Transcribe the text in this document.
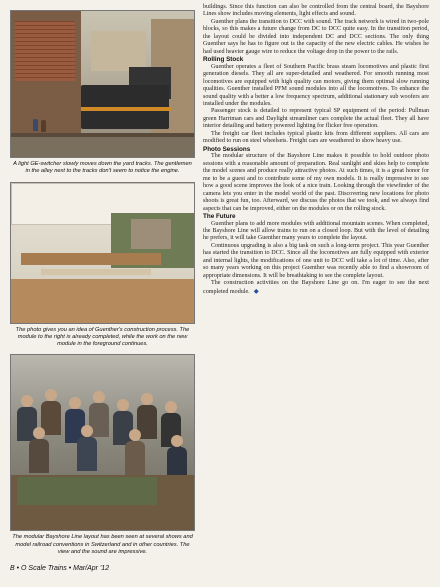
A light GE-switcher slowly moves down the yard tracks. The gentlemen in the alley next to the tracks don't seem to notice the engine.

The photo gives you an idea of Guenther's construction process. The module to the right is already completed, while the work on the new module in the foreground continues.

The modular Bayshore Line layout has been seen at several shows and model railroad conventions in Switzerland and in other countries. The view and the sound are impressive.

buildings. Since this function can also be controlled from the central board, the Bayshore Lines show includes moving elements, light effects and sound.

Guenther plans the transition to DCC with sound. The track network is wired in two-pole blocks, so this makes a future change from DC to DCC quite easy. In the transition period, the layout could be divided into independent DC and DCC sections. The only thing Guenther says he has to figure out is the capacity of the new electric cables. He wishes he had used heavier gauge wire to reduce the voltage drop in the power to the rails.

Rolling Stock

Guenther operates a fleet of Southern Pacific brass steam locomotives and plastic first generation diesels. They all are super-detailed and weathered. For smooth running most locomotives are equipped with high quality can motors, giving them optimal slow running qualities. Guenther installed PFM sound modules into all the locomotives. To enhance the sound quality with a better a low frequency spectrum, additional stationary sub woofers are installed under the modules.

Passenger stock is detailed to represent typical SP equipment of the period: Pullman green Harriman cars and Daylight streamliner cars complete the actual fleet. They all have interior detailing and battery powered lighting for flicker free operation.

The freight car fleet includes typical plastic kits from different suppliers. All cars are modified to run on steel wheelsets. Freight cars are weathered to show heavy use.

Photo Sessions

The modular structure of the Bayshore Line makes it possible to hold outdoor photo sessions with a reasonable amount of preparation. Real sunlight and skies help to complete the model scenes and produce really attractive photos. At such times, it is a great honor for me to be a guest and to contribute some of my own models. It is really impressive to see how a good scene improves the look of a nice train. Looking through the viewfinder of the camera lets you enter in the model world of the past. Discovering new locations for photo shoots is great fun, too. Afterward, we discuss the photos that we took, and we always find aspects that can be improved, either on the modules or on the rolling stock.

The Future

Guenther plans to add more modules with additional mountain scenes. When completed, the Bayshore Line will allow trains to run on a closed loop. But with the level of detailing he prefers, it will take Guenther many years to complete the layout.

Continuous upgrading is also a big task on such a long-term project. This year Guenther has started the transition to DCC. Since all the locomotives are fully equipped with exterior and internal lights, the modifications of one unit to DCC will take a lot of time. Also, after so many years working on this project Guenther was recently able to find a showroom of appropriate dimensions. It will be breathtaking to see the complete layout.

The construction activities on the Bayshore Line go on. I'm eager to see the next completed module. ◆

B • O Scale Trains • Mar/Apr '12
